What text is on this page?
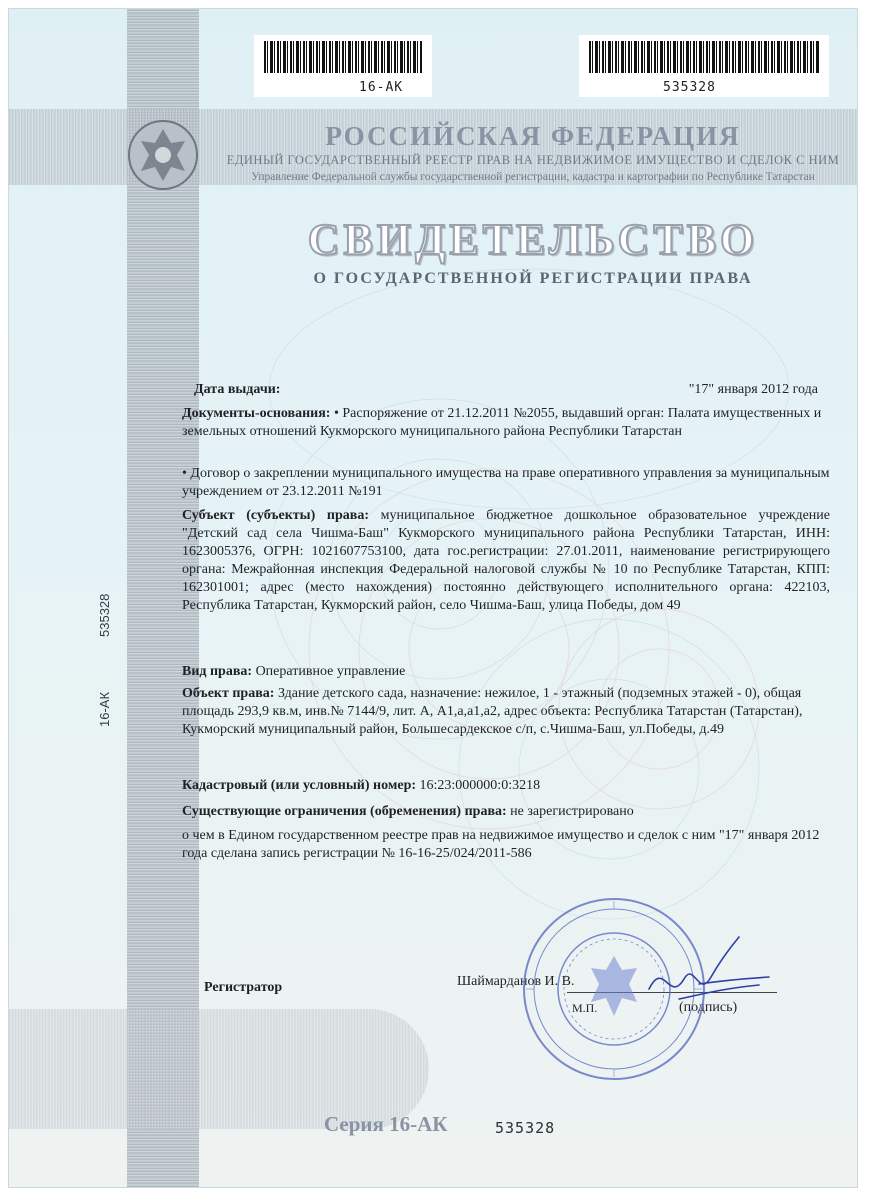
16-AK	535328
РОССИЙСКАЯ ФЕДЕРАЦИЯ
ЕДИНЫЙ ГОСУДАРСТВЕННЫЙ РЕЕСТР ПРАВ НА НЕДВИЖИМОЕ ИМУЩЕСТВО И СДЕЛОК С НИМ
Управление Федеральной службы государственной регистрации, кадастра и картографии по Республике Татарстан
СВИДЕТЕЛЬСТВО
О ГОСУДАРСТВЕННОЙ РЕГИСТРАЦИИ ПРАВА
16-АК
535328
Дата выдачи:	"17" января 2012 года
Документы-основания: • Распоряжение от 21.12.2011 №2055, выдавший орган: Палата имущественных и земельных отношений Кукморского муниципального района Республики Татарстан
• Договор о закреплении муниципального имущества на праве оперативного управления за муниципальным учреждением от 23.12.2011 №191
Субъект (субъекты) права: муниципальное бюджетное дошкольное образовательное учреждение "Детский сад села Чишма-Баш" Кукморского муниципального района Республики Татарстан, ИНН: 1623005376, ОГРН: 1021607753100, дата гос.регистрации: 27.01.2011, наименование регистрирующего органа: Межрайонная инспекция Федеральной налоговой службы № 10 по Республике Татарстан, КПП: 162301001; адрес (место нахождения) постоянно действующего исполнительного органа: 422103, Республика Татарстан, Кукморский район, село Чишма-Баш, улица Победы, дом 49
Вид права: Оперативное управление
Объект права: Здание детского сада, назначение: нежилое, 1 - этажный (подземных этажей - 0), общая площадь 293,9 кв.м, инв.№ 7144/9, лит. А, А1,а,а1,а2, адрес объекта: Республика Татарстан (Татарстан), Кукморский муниципальный район, Большесардекское с/п, с.Чишма-Баш, ул.Победы, д.49
Кадастровый (или условный) номер: 16:23:000000:0:3218
Существующие ограничения (обременения) права: не зарегистрировано
о чем в Едином государственном реестре прав на недвижимое имущество и сделок с ним "17" января 2012 года сделана запись регистрации № 16-16-25/024/2011-586
Регистратор	Шаймарданов И. В.
М.П.	(подпись)
Серия 16-АК	535328
